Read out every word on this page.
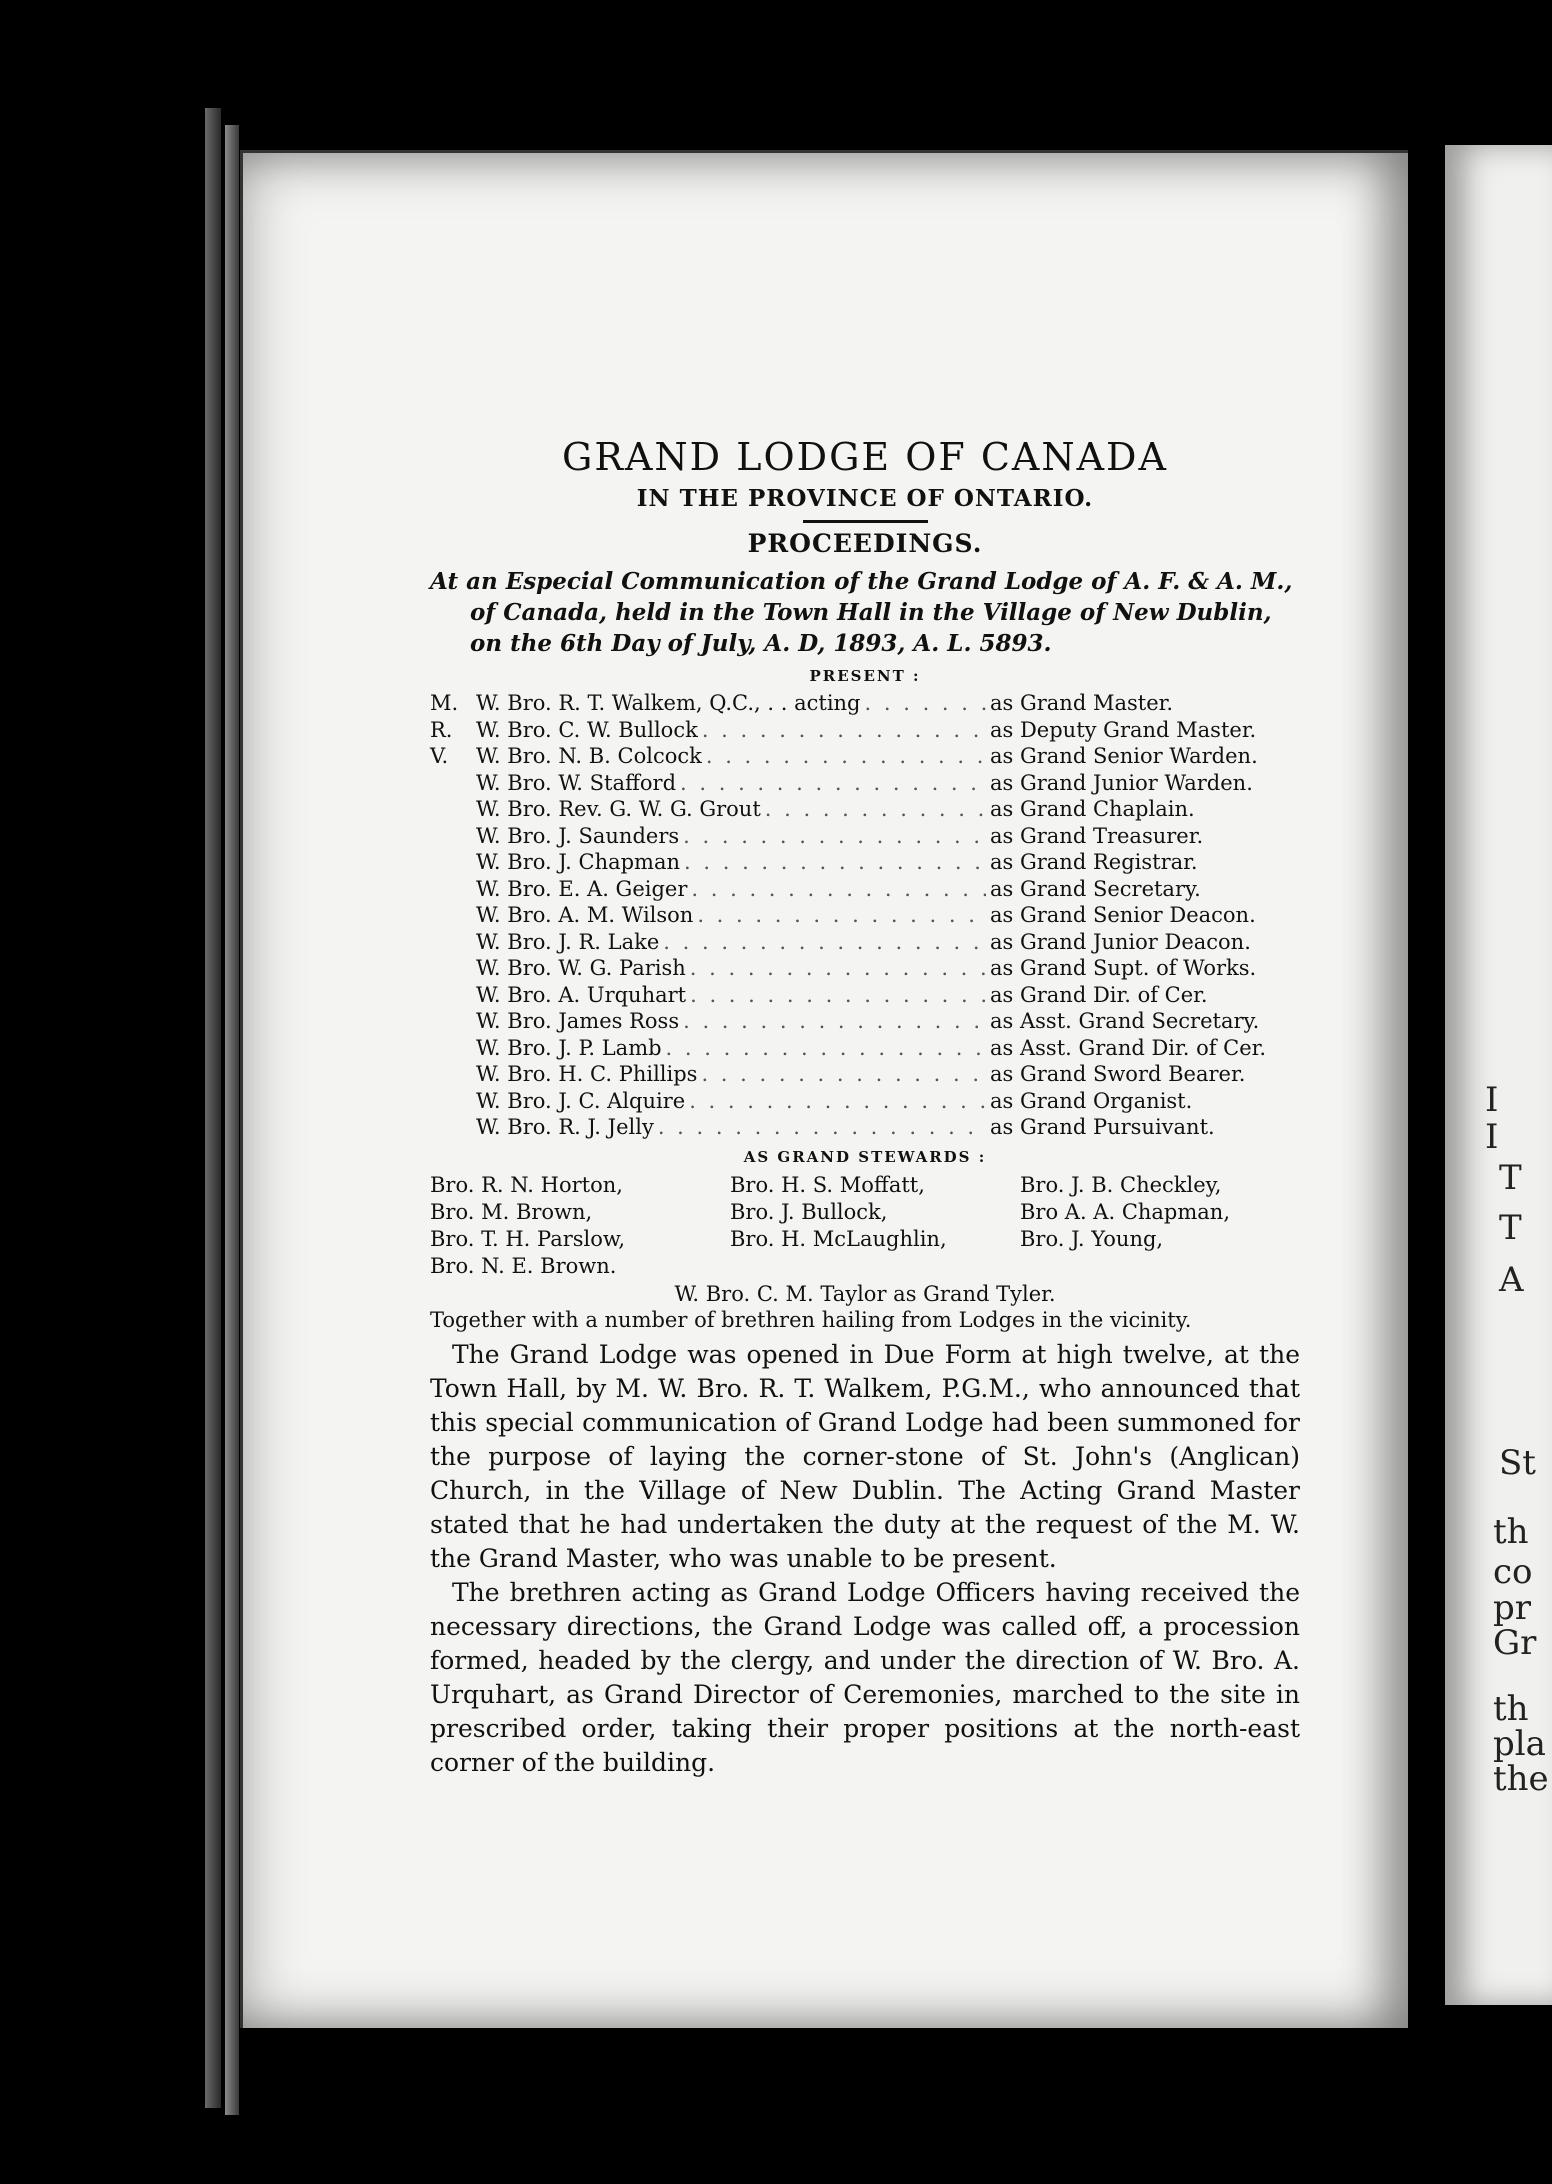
I
I
T
T
A
St
th
co
pr
Gr
th
pla
the
GRAND LODGE OF CANADA
IN THE PROVINCE OF ONTARIO.
PROCEEDINGS.

At an Especial Communication of the Grand Lodge of A. F. & A. M., of Canada, held in the Town Hall in the Village of New Dublin, on the 6th Day of July, A. D, 1893, A. L. 5893.

PRESENT :
M. W. Bro. R. T. Walkem, Q.C., . . acting . . .	as Grand Master.
R.	W. Bro. C. W. Bullock . . .	as Deputy Grand Master.
V.	W. Bro. N. B. Colcock . . .	as Grand Senior Warden.
W. Bro. W. Stafford . . .	as Grand Junior Warden.
W. Bro. Rev. G. W. G. Grout . . .	as Grand Chaplain.
W. Bro. J. Saunders . . .	as Grand Treasurer.
W. Bro. J. Chapman . . .	as Grand Registrar.
W. Bro. E. A. Geiger . . .	as Grand Secretary.
W. Bro. A. M. Wilson . . .	as Grand Senior Deacon.
W. Bro. J. R. Lake . . .	as Grand Junior Deacon.
W. Bro. W. G. Parish . . .	as Grand Supt. of Works.
W. Bro. A. Urquhart . . .	as Grand Dir. of Cer.
W. Bro. James Ross . . .	as Asst. Grand Secretary.
W. Bro. J. P. Lamb . . .	as Asst. Grand Dir. of Cer.
W. Bro. H. C. Phillips . . .	as Grand Sword Bearer.
W. Bro. J. C. Alquire . . .	as Grand Organist.
W. Bro. R. J. Jelly . . .	as Grand Pursuivant.
AS GRAND STEWARDS :
Bro. R. N. Horton,	Bro. H. S. Moffatt,	Bro. J. B. Checkley,
Bro. M. Brown,	Bro. J. Bullock,	Bro A. A. Chapman,
Bro. T. H. Parslow,	Bro. H. McLaughlin,	Bro. J. Young,
Bro. N. E. Brown.
W. Bro. C. M. Taylor as Grand Tyler.
Together with a number of brethren hailing from Lodges in the vicinity.

The Grand Lodge was opened in Due Form at high twelve, at the Town Hall, by M. W. Bro. R. T. Walkem, P.G.M., who announced that this special communication of Grand Lodge had been summoned for the purpose of laying the corner-stone of St. John's (Anglican) Church, in the Village of New Dublin. The Acting Grand Master stated that he had undertaken the duty at the request of the M. W. the Grand Master, who was unable to be present.

The brethren acting as Grand Lodge Officers having received the necessary directions, the Grand Lodge was called off, a procession formed, headed by the clergy, and under the direction of W. Bro. A. Urquhart, as Grand Director of Ceremonies, marched to the site in prescribed order, taking their proper positions at the north-east corner of the building.
